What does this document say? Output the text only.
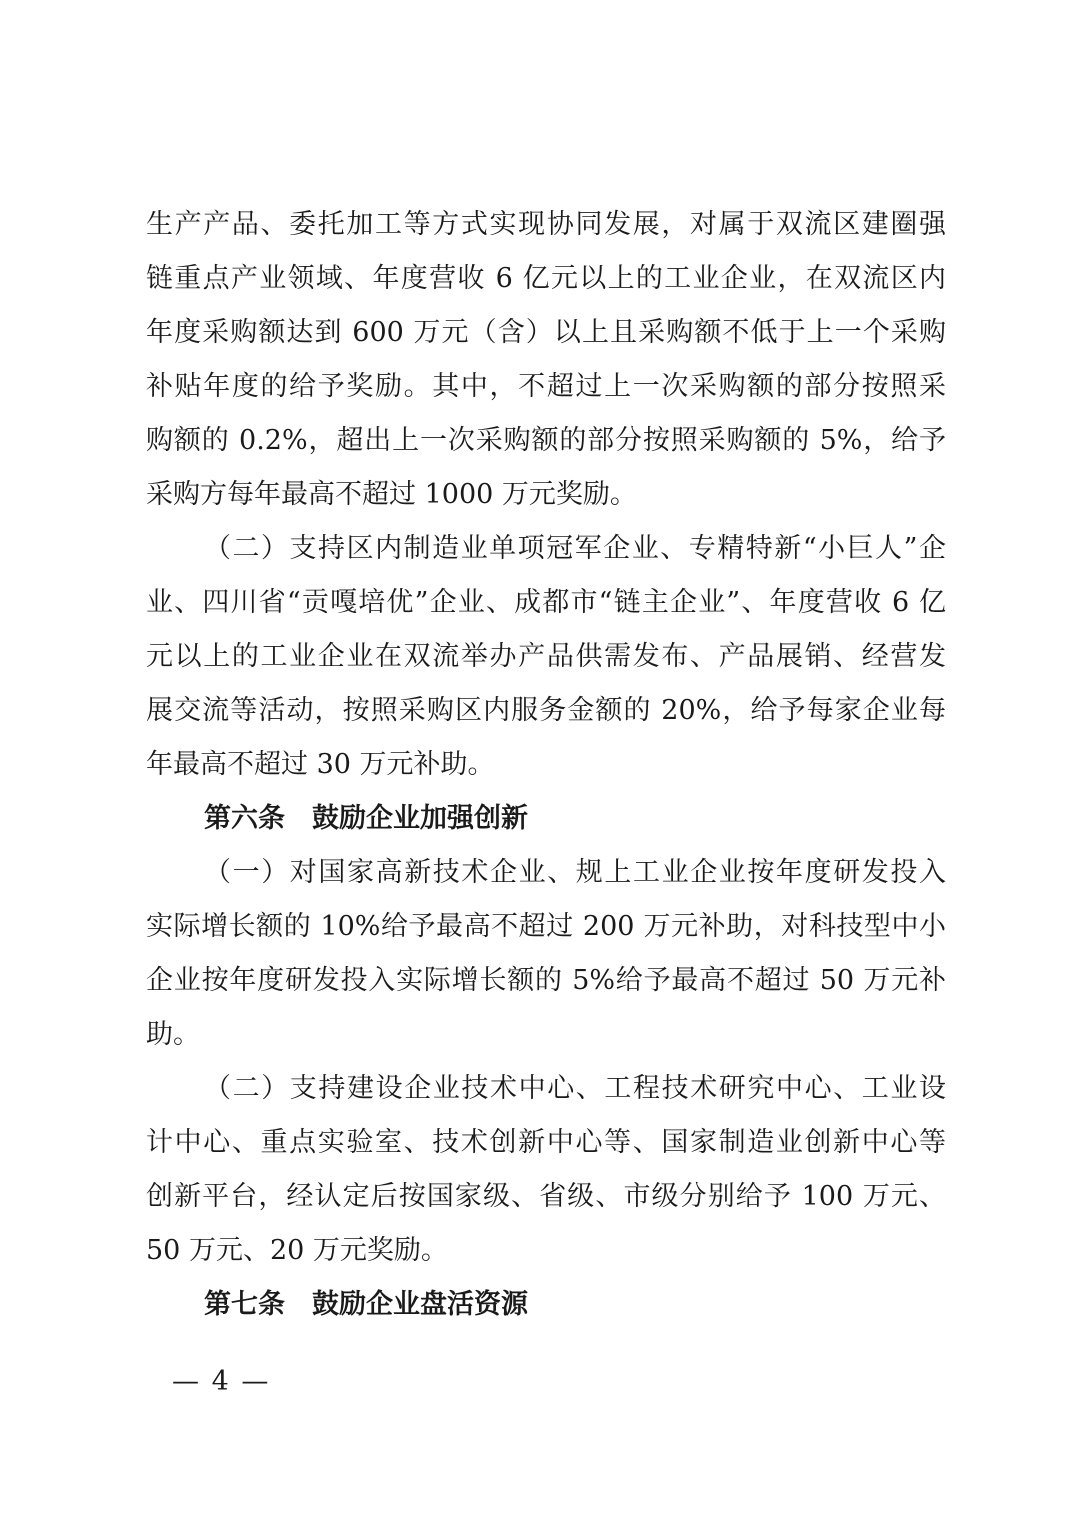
生产产品、委托加工等方式实现协同发展，对属于双流区建圈强
链重点产业领域、年度营收 6 亿元以上的工业企业，在双流区内
年度采购额达到 600 万元（含）以上且采购额不低于上一个采购
补贴年度的给予奖励。其中，不超过上一次采购额的部分按照采
购额的 0.2%，超出上一次采购额的部分按照采购额的 5%，给予
采购方每年最高不超过 1000 万元奖励。
（二）支持区内制造业单项冠军企业、专精特新“小巨人”企
业、四川省“贡嘎培优”企业、成都市“链主企业”、年度营收 6 亿
元以上的工业企业在双流举办产品供需发布、产品展销、经营发
展交流等活动，按照采购区内服务金额的 20%，给予每家企业每
年最高不超过 30 万元补助。
第六条　鼓励企业加强创新
（一）对国家高新技术企业、规上工业企业按年度研发投入
实际增长额的 10%给予最高不超过 200 万元补助，对科技型中小
企业按年度研发投入实际增长额的 5%给予最高不超过 50 万元补
助。
（二）支持建设企业技术中心、工程技术研究中心、工业设
计中心、重点实验室、技术创新中心等、国家制造业创新中心等
创新平台，经认定后按国家级、省级、市级分别给予 100 万元、
50 万元、20 万元奖励。
第七条　鼓励企业盘活资源
— 4 —
